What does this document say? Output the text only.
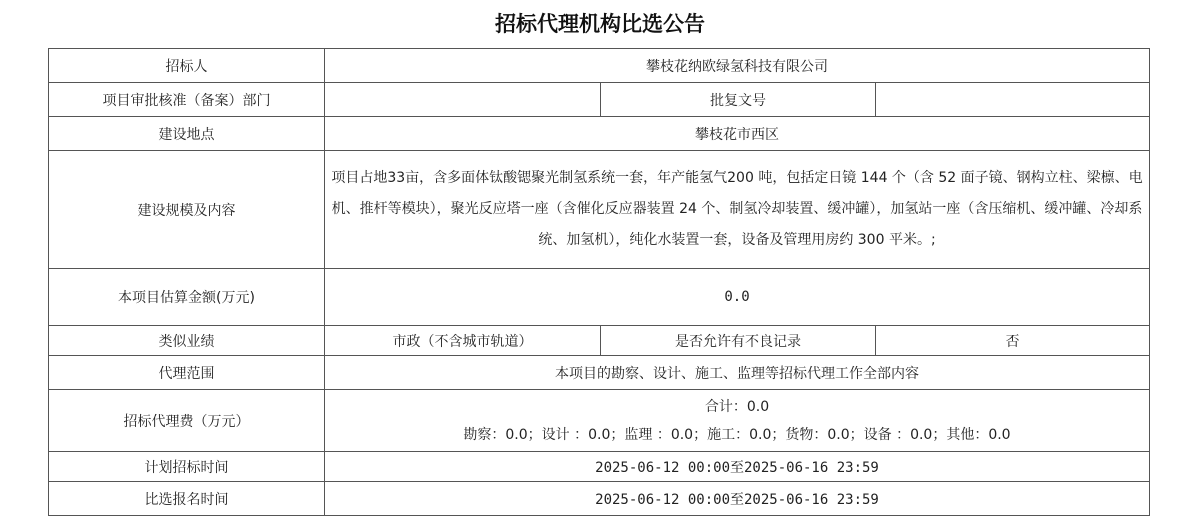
招标代理机构比选公告
招标人	攀枝花纳欧绿氢科技有限公司		
项目审批核准（备案）部门		批复文号	
建设地点	攀枝花市西区		
建设规模及内容	项目占地33亩，含多面体钛酸锶聚光制氢系统一套，年产能氢气200 吨，包括定日镜 144 个（含 52 面子镜、钢构立柱、梁檩、电机、推杆等模块），聚光反应塔一座（含催化反应器装置 24 个、制氢冷却装置、缓冲罐），加氢站一座（含压缩机、缓冲罐、冷却系统、加氢机），纯化水装置一套，设备及管理用房约 300 平米。;		
本项目估算金额(万元)	0.0		
类似业绩	市政（不含城市轨道）	是否允许有不良记录	否
代理范围	本项目的勘察、设计、施工、监理等招标代理工作全部内容		
招标代理费（万元）	合计：0.0
勘察：0.0；设计 ：0.0；监理 ：0.0；施工：0.0；货物：0.0；设备 ：0.0；其他：0.0		

计划招标时间	2025-06-12 00:00至2025-06-16 23:59		
比选报名时间	2025-06-12 00:00至2025-06-16 23:59		
